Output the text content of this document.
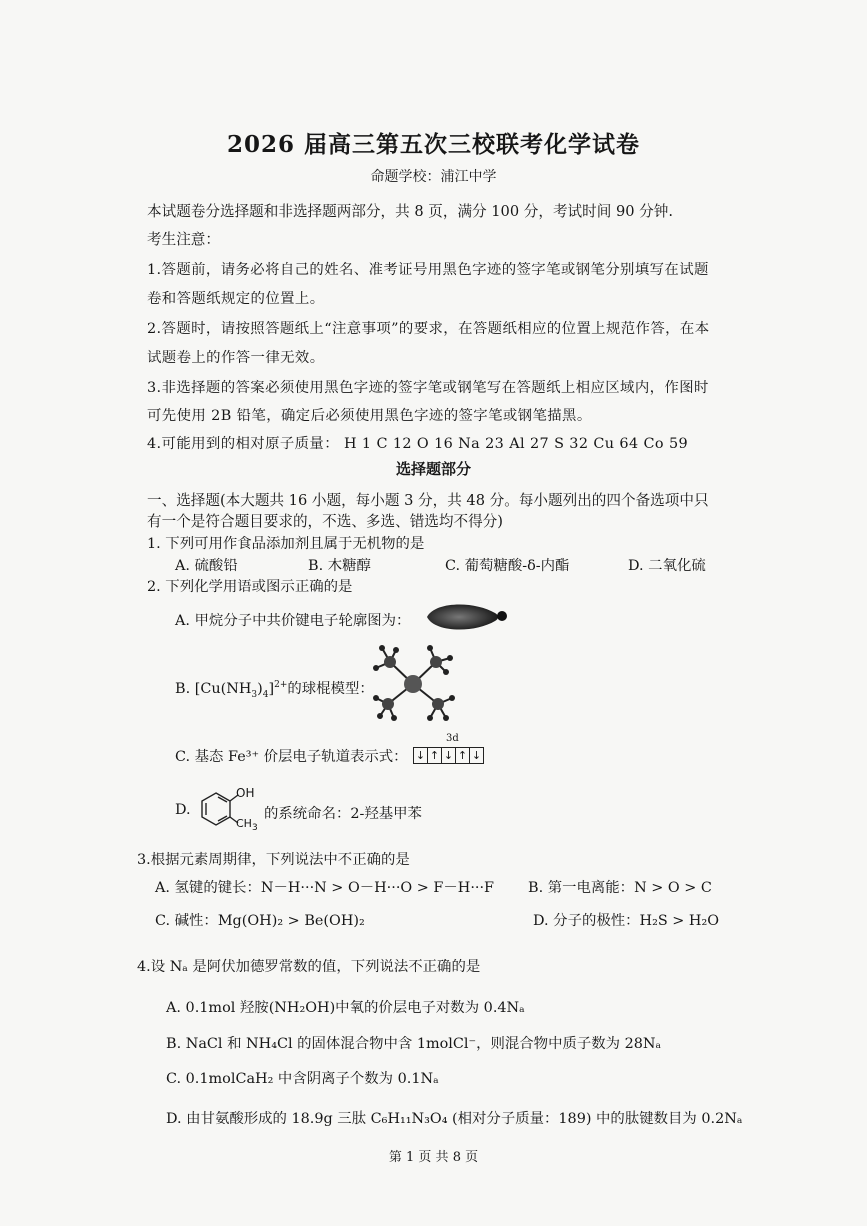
2026 届高三第五次三校联考化学试卷
命题学校：浦江中学
本试题卷分选择题和非选择题两部分，共 8 页，满分 100 分，考试时间 90 分钟.
考生注意：
1.答题前，请务必将自己的姓名、准考证号用黑色字迹的签字笔或钢笔分别填写在试题
卷和答题纸规定的位置上。
2.答题时，请按照答题纸上“注意事项”的要求，在答题纸相应的位置上规范作答，在本
试题卷上的作答一律无效。
3.非选择题的答案必须使用黑色字迹的签字笔或钢笔写在答题纸上相应区域内，作图时
可先使用 2B 铅笔，确定后必须使用黑色字迹的签字笔或钢笔描黑。
4.可能用到的相对原子质量： H 1 C 12 O 16 Na 23 Al 27 S 32 Cu 64 Co 59
选择题部分
一、选择题(本大题共 16 小题，每小题 3 分，共 48 分。每小题列出的四个备选项中只
有一个是符合题目要求的，不选、多选、错选均不得分)
1. 下列可用作食品添加剂且属于无机物的是
A. 硫酸铅	B. 木糖醇	C. 葡萄糖酸-δ-内酯	D. 二氧化硫
2. 下列化学用语或图示正确的是
A. 甲烷分子中共价键电子轮廓图为：
B. $[Cu(NH_3)_4]^{2+}$的球棍模型：
C. 基态 Fe³⁺ 价层电子轨道表示式：
3d
↓ ↑ ↓ ↑ ↓
D.
OH
$CH_3$
的系统命名：2-羟基甲苯
3.根据元素周期律，下列说法中不正确的是
A. 氢键的键长：N－H···N > O－H···O > F－H···F B. 第一电离能：N > O > C
C. 碱性：Mg(OH)₂ > Be(OH)₂	D. 分子的极性：H₂S > H₂O
4.设 Nₐ 是阿伏加德罗常数的值，下列说法不正确的是
A. 0.1mol 羟胺(NH₂OH)中氧的价层电子对数为 0.4Nₐ
B. NaCl 和 NH₄Cl 的固体混合物中含 1molCl⁻，则混合物中质子数为 28Nₐ
C. 0.1molCaH₂ 中含阴离子个数为 0.1Nₐ
D. 由甘氨酸形成的 18.9g 三肽 C₆H₁₁N₃O₄ (相对分子质量：189) 中的肽键数目为 0.2Nₐ
第 1 页 共 8 页
